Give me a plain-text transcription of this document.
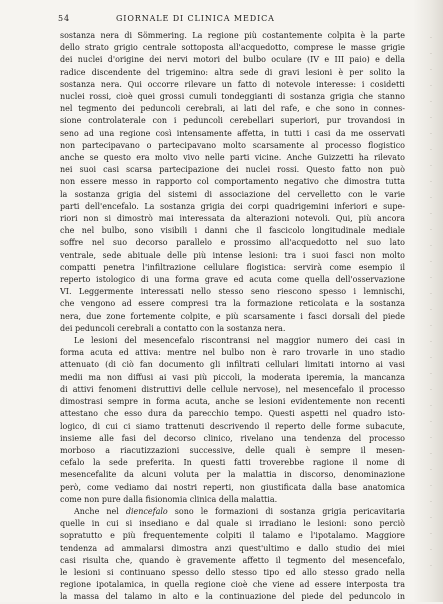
·
·
·
·
·
·
·
·
·
·
·
·
·
·
·
·
·
·
·
·
·
·
·
·
·
·
·
·
·
·
·
·
·
·
54	GIORNALE DI CLINICA MEDICA
sostanza nera di Sömmering. La regione più costantemente colpita è la parte
dello strato grigio centrale sottoposta all'acquedotto, comprese le masse grigie
dei nuclei d'origine dei nervi motori del bulbo oculare (IV e III paio) e della
radice discendente del trigemino: altra sede di gravi lesioni è per solito la
sostanza nera. Qui occorre rilevare un fatto di notevole interesse: i cosidetti
nuclei rossi, cioè quei grossi cumuli tondeggianti di sostanza grigia che stanno
nel tegmento dei peduncoli cerebrali, ai lati del rafe, e che sono in connes-
sione controlaterale con i peduncoli cerebellari superiori, pur trovandosi in
seno ad una regione così intensamente affetta, in tutti i casi da me osservati
non partecipavano o partecipavano molto scarsamente al processo flogistico
anche se questo era molto vivo nelle parti vicine. Anche Guizzetti ha rilevato
nei suoi casi scarsa partecipazione dei nuclei rossi. Questo fatto non può
non essere messo in rapporto col comportamento negativo che dimostra tutta
la sostanza grigia del sistemi di associazione del cervelletto con le varie
parti dell'encefalo. La sostanza grigia dei corpi quadrigemini inferiori e supe-
riori non si dimostrò mai interessata da alterazioni notevoli. Qui, più ancora
che nel bulbo, sono visibili i danni che il fascicolo longitudinale mediale
soffre nel suo decorso parallelo e prossimo all'acquedotto nel suo lato
ventrale, sede abituale delle più intense lesioni: tra i suoi fasci non molto
compatti penetra l'infiltrazione cellulare flogistica: servirà come esempio il
reperto istologico di una forma grave ed acuta come quella dell'osservazione
VI. Leggermente interessati nello stesso seno riescono spesso i lemnischi,
che vengono ad essere compresi tra la formazione reticolata e la sostanza
nera, due zone fortemente colpite, e più scarsamente i fasci dorsali del piede
dei peduncoli cerebrali a contatto con la sostanza nera.
Le lesioni del mesencefalo riscontransi nel maggior numero dei casi in
forma acuta ed attiva: mentre nel bulbo non è raro trovarle in uno stadio
attenuato (di ciò fan documento gli infiltrati cellulari limitati intorno ai vasi
medii ma non diffusi ai vasi più piccoli, la moderata iperemia, la mancanza
di attivi fenomeni distruttivi delle cellule nervose), nel mesencefalo il processo
dimostrasi sempre in forma acuta, anche se lesioni evidentemente non recenti
attestano che esso dura da parecchio tempo. Questi aspetti nel quadro isto-
logico, di cui ci siamo trattenuti descrivendo il reperto delle forme subacute,
insieme alle fasi del decorso clinico, rivelano una tendenza del processo
morboso a riacutizzazioni successive, delle quali è sempre il mesen-
cefalo la sede preferita. In questi fatti troverebbe ragione il nome di
mesencefalite da alcuni voluta per la malattia in discorso, denominazione
però, come vediamo dai nostri reperti, non giustificata dalla base anatomica
come non pure dalla fisionomia clinica della malattia.
Anche nel diencefalo sono le formazioni di sostanza grigia pericavitaria
quelle in cui si insediano e dal quale si irradiano le lesioni: sono perciò
sopratutto e più frequentemente colpiti il talamo e l'ipotalamo. Maggiore
tendenza ad ammalarsi dimostra anzi quest'ultimo e dallo studio dei miei
casi risulta che, quando è gravemente affetto il tegmento del mesencefalo,
le lesioni si continuano spesso dello stesso tipo ed allo stesso grado nella
regione ipotalamica, in quella regione cioè che viene ad essere interposta tra
la massa del talamo in alto e la continuazione del piede del peduncolo in
